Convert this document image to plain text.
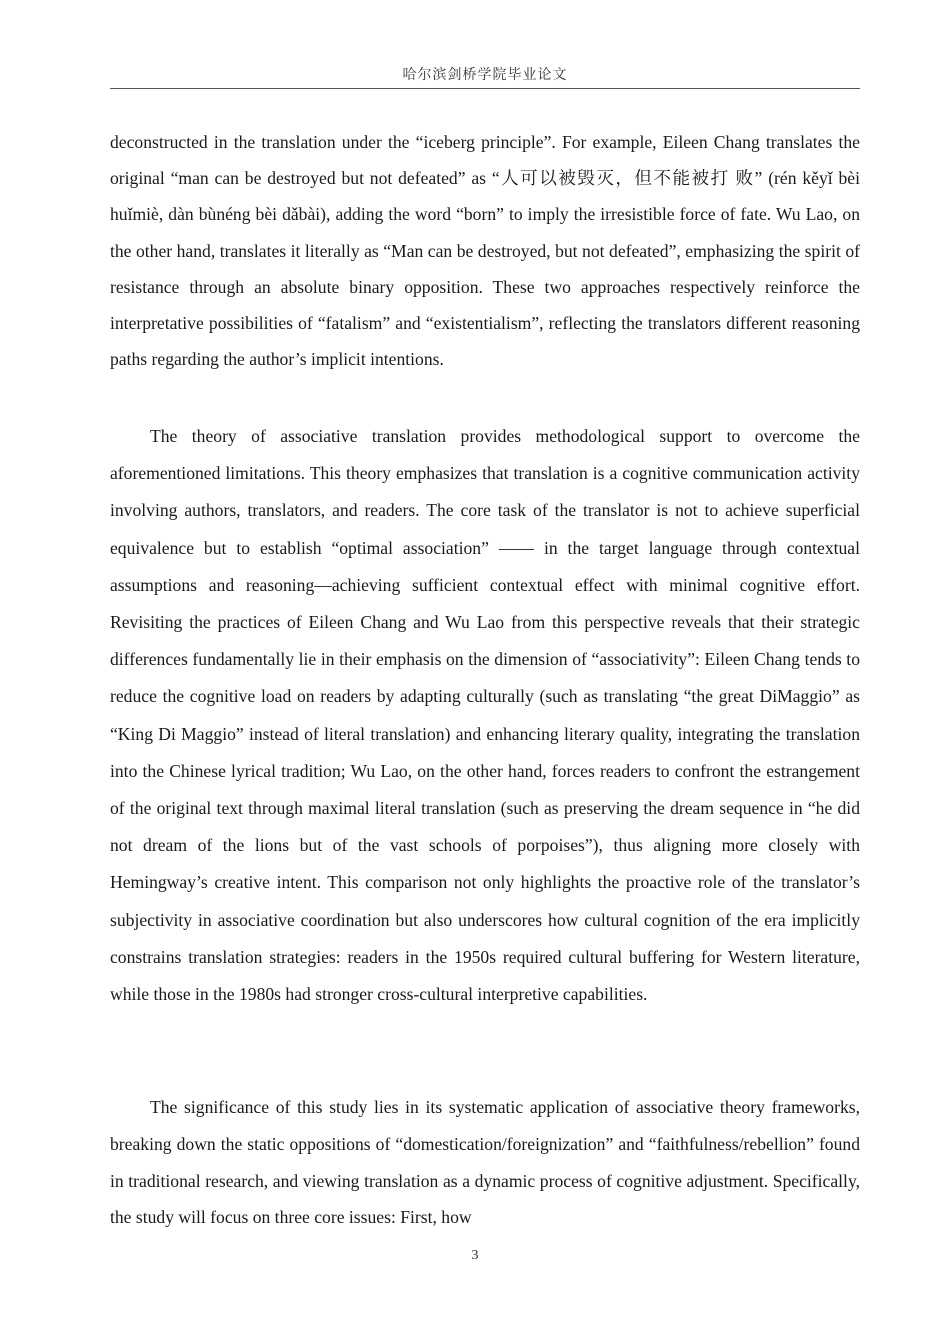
哈尔滨剑桥学院毕业论文

deconstructed in the translation under the “iceberg principle”. For example, Eileen Chang translates the original “man can be destroyed but not defeated” as “人可以被毁灭，但不能被打 败” (rén kěyǐ bèi huǐmiè, dàn bùnéng bèi dǎbài), adding the word “born” to imply the irresistible force of fate. Wu Lao, on the other hand, translates it literally as “Man can be destroyed, but not defeated”, emphasizing the spirit of resistance through an absolute binary opposition. These two approaches respectively reinforce the interpretative possibilities of “fatalism” and “existentialism”, reflecting the translators different reasoning paths regarding the author’s implicit intentions.

The theory of associative translation provides methodological support to overcome the aforementioned limitations. This theory emphasizes that translation is a cognitive communication activity involving authors, translators, and readers. The core task of the translator is not to achieve superficial equivalence but to establish “optimal association” —— in the target language through contextual assumptions and reasoning—achieving sufficient contextual effect with minimal cognitive effort. Revisiting the practices of Eileen Chang and Wu Lao from this perspective reveals that their strategic differences fundamentally lie in their emphasis on the dimension of “associativity”: Eileen Chang tends to reduce the cognitive load on readers by adapting culturally (such as translating “the great DiMaggio” as “King Di Maggio” instead of literal translation) and enhancing literary quality, integrating the translation into the Chinese lyrical tradition; Wu Lao, on the other hand, forces readers to confront the estrangement of the original text through maximal literal translation (such as preserving the dream sequence in “he did not dream of the lions but of the vast schools of porpoises”), thus aligning more closely with Hemingway’s creative intent. This comparison not only highlights the proactive role of the translator’s subjectivity in associative coordination but also underscores how cultural cognition of the era implicitly constrains translation strategies: readers in the 1950s required cultural buffering for Western literature, while those in the 1980s had stronger cross-cultural interpretive capabilities.

The significance of this study lies in its systematic application of associative theory frameworks, breaking down the static oppositions of “domestication/foreignization” and “faithfulness/rebellion” found in traditional research, and viewing translation as a dynamic process of cognitive adjustment. Specifically, the study will focus on three core issues: First, how

3
